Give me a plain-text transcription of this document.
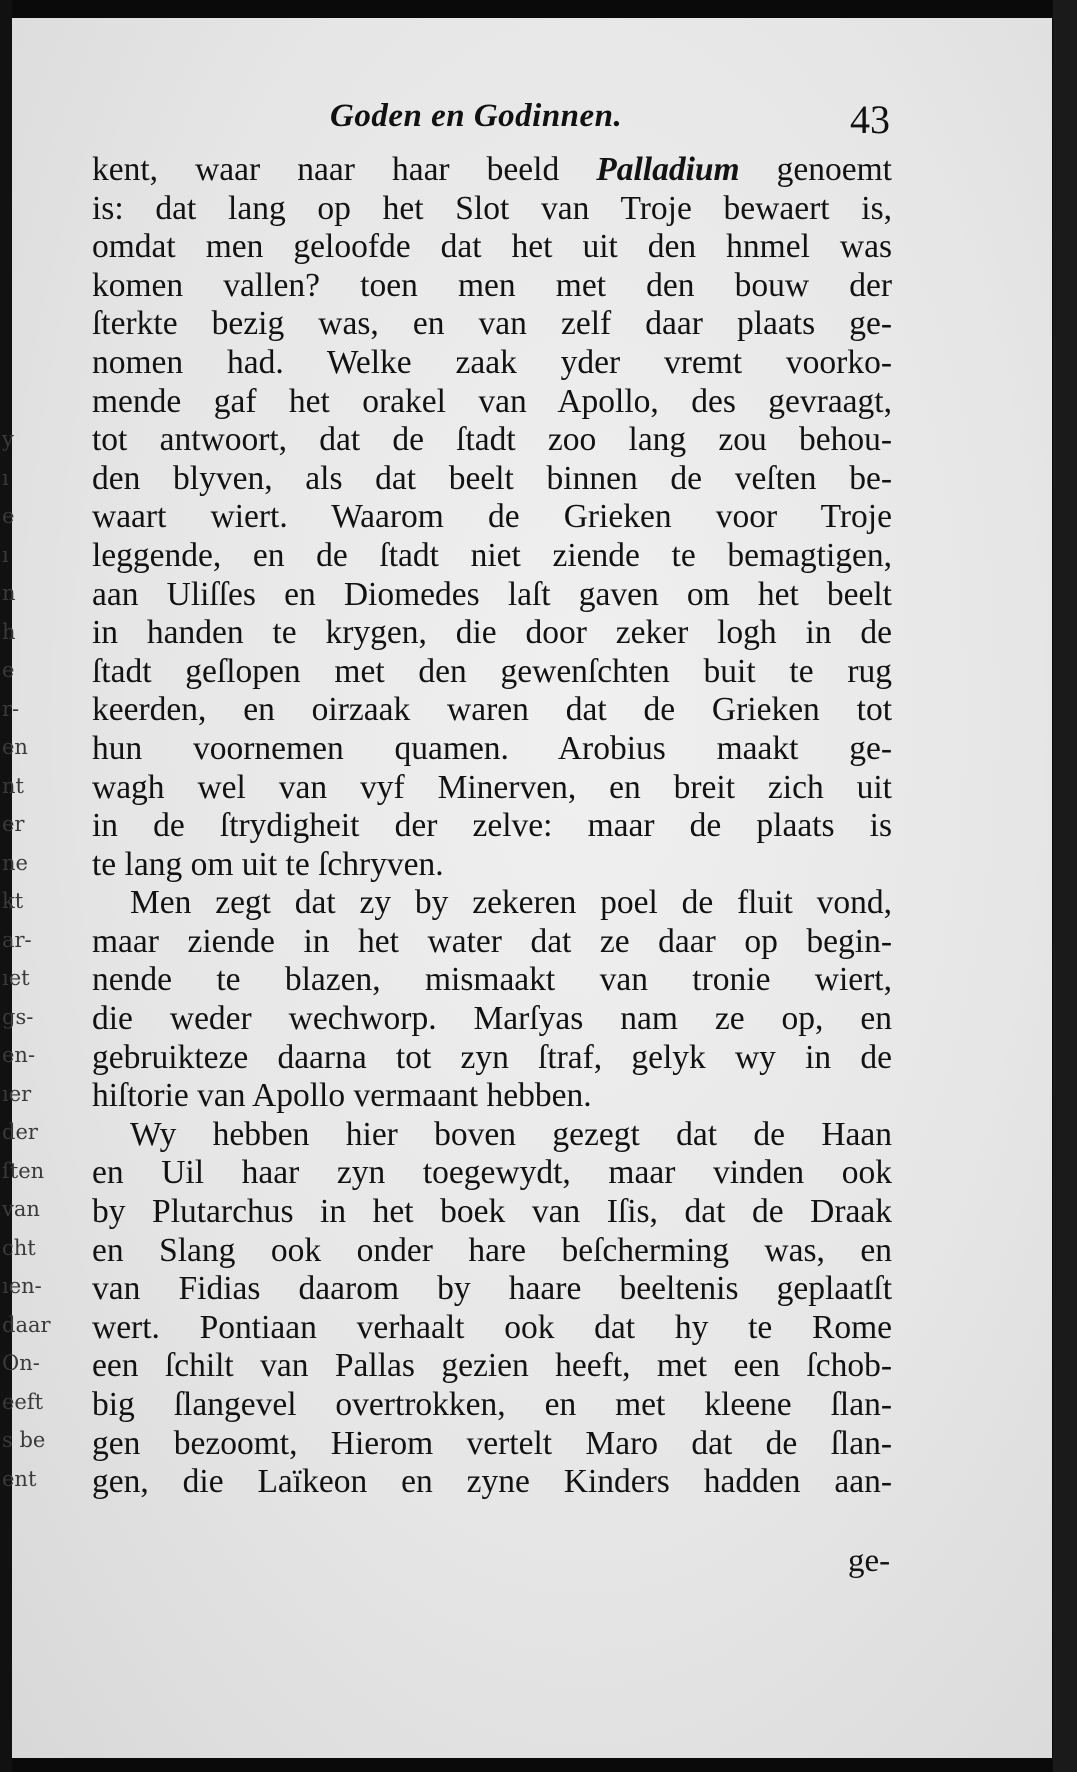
y
ı
e
ı
n
h
e
r-
en
nt
er
ne
kt
ar-
ıet
gs-
en-
ıer
der
ſten
van
cht
ıen-
daar
On-
eeft
s be
ent
Goden en Godinnen.	43
kent, waar naar haar beeld Palladium genoemt
is: dat lang op het Slot van Troje bewaert is,
omdat men geloofde dat het uit den hnmel was
komen vallen? toen men met den bouw der
ſterkte bezig was, en van zelf daar plaats ge-
nomen had. Welke zaak yder vremt voorko-
mende gaf het orakel van Apollo, des gevraagt,
tot antwoort, dat de ſtadt zoo lang zou behou-
den blyven, als dat beelt binnen de veſten be-
waart wiert. Waarom de Grieken voor Troje
leggende, en de ſtadt niet ziende te bemagtigen,
aan Uliſſes en Diomedes laſt gaven om het beelt
in handen te krygen, die door zeker logh in de
ſtadt geſlopen met den gewenſchten buit te rug
keerden, en oirzaak waren dat de Grieken tot
hun voornemen quamen. Arobius maakt ge-
wagh wel van vyf Minerven, en breit zich uit
in de ſtrydigheit der zelve: maar de plaats is
te lang om uit te ſchryven.
Men zegt dat zy by zekeren poel de fluit vond,
maar ziende in het water dat ze daar op begin-
nende te blazen, mismaakt van tronie wiert,
die weder wechworp. Marſyas nam ze op, en
gebruikteze daarna tot zyn ſtraf, gelyk wy in de
hiſtorie van Apollo vermaant hebben.
Wy hebben hier boven gezegt dat de Haan
en Uil haar zyn toegewydt, maar vinden ook
by Plutarchus in het boek van Iſis, dat de Draak
en Slang ook onder hare beſcherming was, en
van Fidias daarom by haare beeltenis geplaatſt
wert. Pontiaan verhaalt ook dat hy te Rome
een ſchilt van Pallas gezien heeft, met een ſchob-
big ſlangevel overtrokken, en met kleene ſlan-
gen bezoomt, Hierom vertelt Maro dat de ſlan-
gen, die Laïkeon en zyne Kinders hadden aan-
ge-
